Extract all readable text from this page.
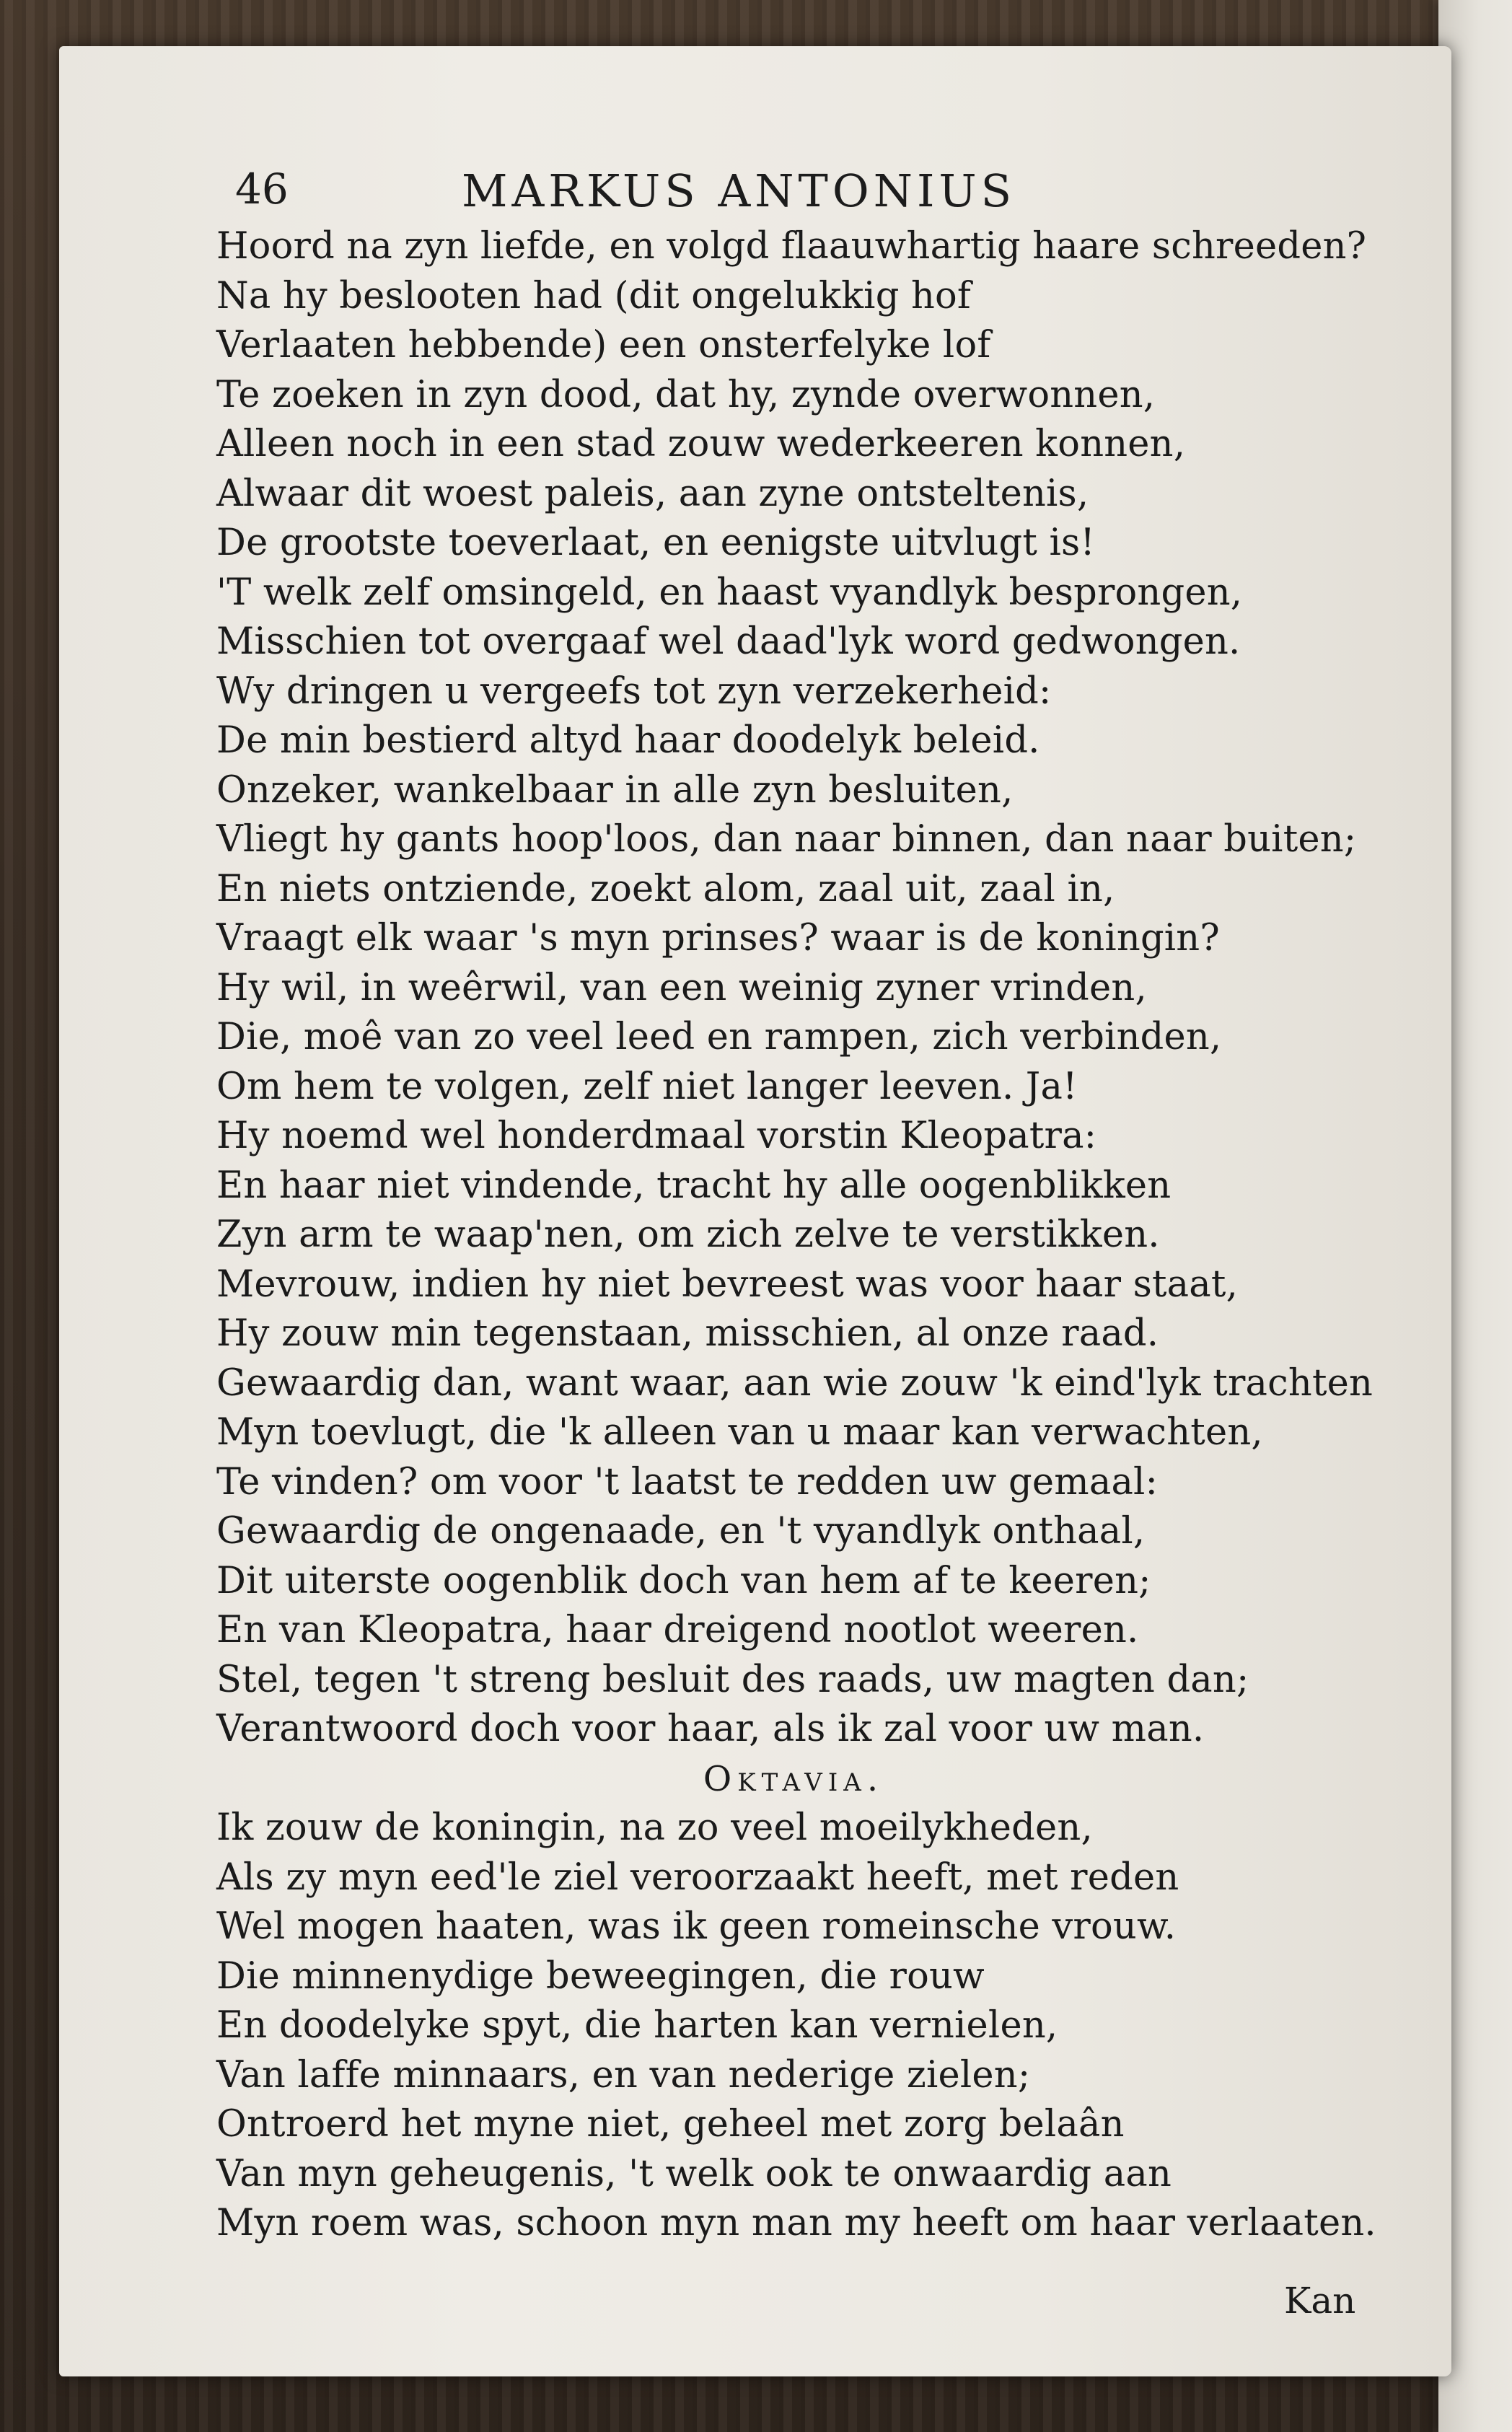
46	MARKUS ANTONIUS
Hoord na zyn liefde, en volgd flaauwhartig haare schreeden?
Na hy beslooten had (dit ongelukkig hof
Verlaaten hebbende) een onsterfelyke lof
Te zoeken in zyn dood, dat hy, zynde overwonnen,
Alleen noch in een stad zouw wederkeeren konnen,
Alwaar dit woest paleis, aan zyne ontsteltenis,
De grootste toeverlaat, en eenigste uitvlugt is!
'T welk zelf omsingeld, en haast vyandlyk besprongen,
Misschien tot overgaaf wel daad'lyk word gedwongen.
Wy dringen u vergeefs tot zyn verzekerheid:
De min bestierd altyd haar doodelyk beleid.
Onzeker, wankelbaar in alle zyn besluiten,
Vliegt hy gants hoop'loos, dan naar binnen, dan naar buiten;
En niets ontziende, zoekt alom, zaal uit, zaal in,
Vraagt elk waar 's myn prinses? waar is de koningin?
Hy wil, in weêrwil, van een weinig zyner vrinden,
Die, moê van zo veel leed en rampen, zich verbinden,
Om hem te volgen, zelf niet langer leeven. Ja!
Hy noemd wel honderdmaal vorstin Kleopatra:
En haar niet vindende, tracht hy alle oogenblikken
Zyn arm te waap'nen, om zich zelve te verstikken.
Mevrouw, indien hy niet bevreest was voor haar staat,
Hy zouw min tegenstaan, misschien, al onze raad.
Gewaardig dan, want waar, aan wie zouw 'k eind'lyk trachten
Myn toevlugt, die 'k alleen van u maar kan verwachten,
Te vinden? om voor 't laatst te redden uw gemaal:
Gewaardig de ongenaade, en 't vyandlyk onthaal,
Dit uiterste oogenblik doch van hem af te keeren;
En van Kleopatra, haar dreigend nootlot weeren.
Stel, tegen 't streng besluit des raads, uw magten dan;
Verantwoord doch voor haar, als ik zal voor uw man.
Oktavia.
Ik zouw de koningin, na zo veel moeilykheden,
Als zy myn eed'le ziel veroorzaakt heeft, met reden
Wel mogen haaten, was ik geen romeinsche vrouw.
Die minnenydige beweegingen, die rouw
En doodelyke spyt, die harten kan vernielen,
Van laffe minnaars, en van nederige zielen;
Ontroerd het myne niet, geheel met zorg belaân
Van myn geheugenis, 't welk ook te onwaardig aan
Myn roem was, schoon myn man my heeft om haar verlaaten.
Kan
